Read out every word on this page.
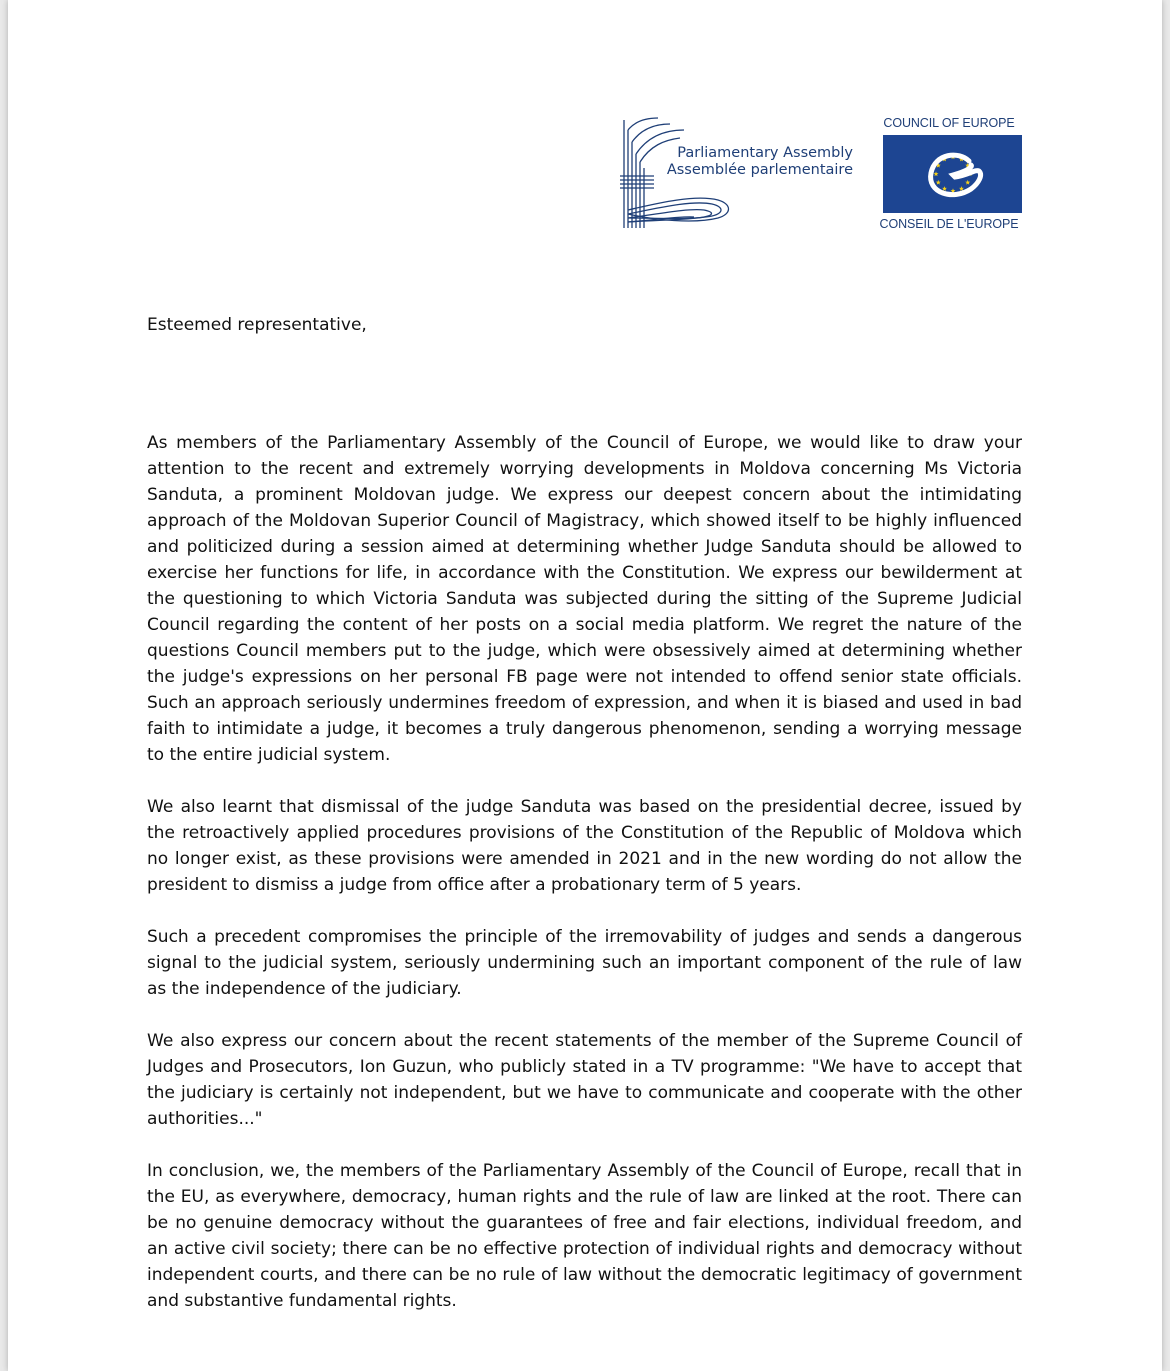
Parliamentary Assembly
Assemblée parlementaire
COUNCIL OF EUROPE
CONSEIL DE L'EUROPE

Esteemed representative,

As members of the Parliamentary Assembly of the Council of Europe, we would like to draw your attention to the recent and extremely worrying developments in Moldova concerning Ms Victoria Sanduta, a prominent Moldovan judge. We express our deepest concern about the intimidating approach of the Moldovan Superior Council of Magistracy, which showed itself to be highly influenced and politicized during a session aimed at determining whether Judge Sanduta should be allowed to exercise her functions for life, in accordance with the Constitution. We express our bewilderment at the questioning to which Victoria Sanduta was subjected during the sitting of the Supreme Judicial Council regarding the content of her posts on a social media platform. We regret the nature of the questions Council members put to the judge, which were obsessively aimed at determining whether the judge's expressions on her personal FB page were not intended to offend senior state officials. Such an approach seriously undermines freedom of expression, and when it is biased and used in bad faith to intimidate a judge, it becomes a truly dangerous phenomenon, sending a worrying message to the entire judicial system.

We also learnt that dismissal of the judge Sanduta was based on the presidential decree, issued by the retroactively applied procedures provisions of the Constitution of the Republic of Moldova which no longer exist, as these provisions were amended in 2021 and in the new wording do not allow the president to dismiss a judge from office after a probationary term of 5 years.

Such a precedent compromises the principle of the irremovability of judges and sends a dangerous signal to the judicial system, seriously undermining such an important component of the rule of law as the independence of the judiciary.

We also express our concern about the recent statements of the member of the Supreme Council of Judges and Prosecutors, Ion Guzun, who publicly stated in a TV programme: "We have to accept that the judiciary is certainly not independent, but we have to communicate and cooperate with the other authorities..."

In conclusion, we, the members of the Parliamentary Assembly of the Council of Europe, recall that in the EU, as everywhere, democracy, human rights and the rule of law are linked at the root. There can be no genuine democracy without the guarantees of free and fair elections, individual freedom, and an active civil society; there can be no effective protection of individual rights and democracy without independent courts, and there can be no rule of law without the democratic legitimacy of government and substantive fundamental rights.
